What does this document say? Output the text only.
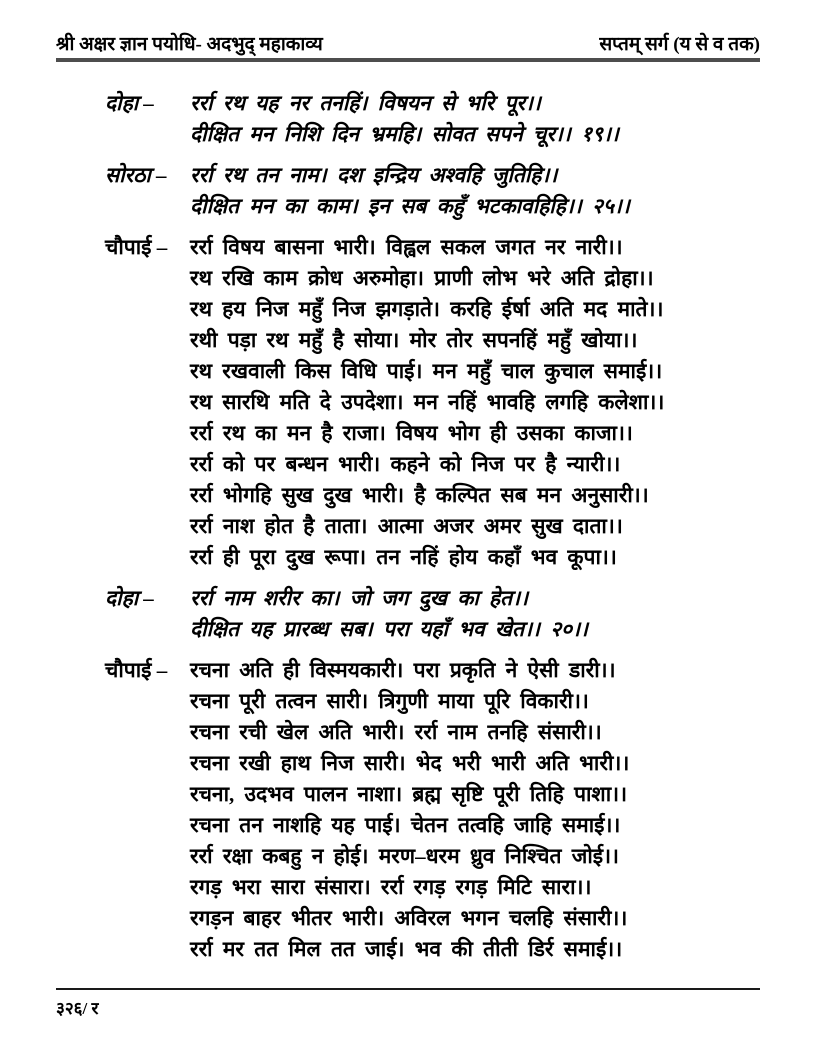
श्री अक्षर ज्ञान पयोधि- अदभुद् महाकाव्य	सप्तम् सर्ग (य से व तक)
दोहा –	रर्रा रथ यह नर तनहिं। विषयन से भरि पूर।।
दीक्षित मन निशि दिन भ्रमहि। सोवत सपने चूर।। १९।।
सोरठा –	रर्रा रथ तन नाम। दश इन्द्रिय अश्वहि जुतिहि।।
दीक्षित मन का काम। इन सब कहुँ भटकावहिहि।। २५।।
चौपाई –	रर्रा विषय बासना भारी। विह्वल सकल जगत नर नारी।।
रथ रखि काम क्रोध अरुमोहा। प्राणी लोभ भरे अति द्रोहा।।
रथ हय निज महुँ निज झगड़ाते। करहि ईर्षा अति मद माते।।
रथी पड़ा रथ महुँ है सोया। मोर तोर सपनहिं महुँ खोया।।
रथ रखवाली किस विधि पाई। मन महुँ चाल कुचाल समाई।।
रथ सारथि मति दे उपदेशा। मन नहिं भावहि लगहि कलेशा।।
रर्रा रथ का मन है राजा। विषय भोग ही उसका काजा।।
रर्रा को पर बन्धन भारी। कहने को निज पर है न्यारी।।
रर्रा भोगहि सुख दुख भारी। है कल्पित सब मन अनुसारी।।
रर्रा नाश होत है ताता। आत्मा अजर अमर सुख दाता।।
रर्रा ही पूरा दुख रूपा। तन नहिं होय कहाँ भव कूपा।।
दोहा –	रर्रा नाम शरीर का। जो जग दुख का हेत।।
दीक्षित यह प्रारब्ध सब। परा यहाँ भव खेत।। २०।।
चौपाई –	रचना अति ही विस्मयकारी। परा प्रकृति ने ऐसी डारी।।
रचना पूरी तत्वन सारी। त्रिगुणी माया पूरि विकारी।।
रचना रची खेल अति भारी। रर्रा नाम तनहि संसारी।।
रचना रखी हाथ निज सारी। भेद भरी भारी अति भारी।।
रचना, उदभव पालन नाशा। ब्रह्म सृष्टि पूरी तिहि पाशा।।
रचना तन नाशहि यह पाई। चेतन तत्वहि जाहि समाई।।
रर्रा रक्षा कबहु न होई। मरण–धरम ध्रुव निश्चित जोई।।
रगड़ भरा सारा संसारा। रर्रा रगड़ रगड़ मिटि सारा।।
रगड़न बाहर भीतर भारी। अविरल भगन चलहि संसारी।।
रर्रा मर तत मिल तत जाई। भव की तीती डिर्र समाई।।
३२६/ र
